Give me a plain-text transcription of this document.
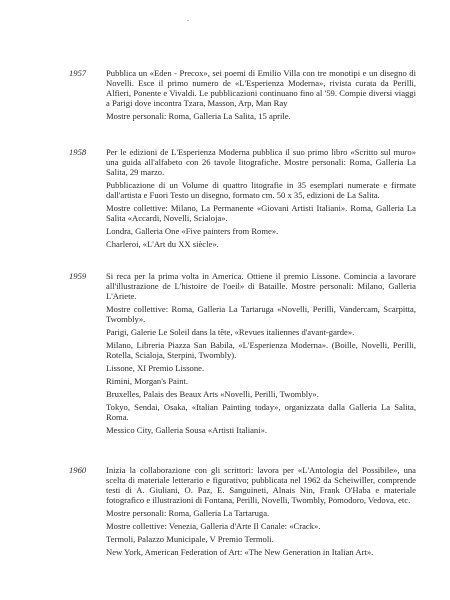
1957 Pubblica un «Eden - Precox», sei poemi di Emilio Villa con tre monotipi e un disegno di Novelli. Esce il primo numero de «L'Esperienza Moderna», rivista curata da Perilli, Alfieri, Ponente e Vivaldi. Le pubblicazioni continuano fino al '59. Compie diversi viaggi a Parigi dove incontra Tzara, Masson, Arp, Man Ray

Mostre personali: Roma, Galleria La Salita, 15 aprile.

1958 Per le edizioni de L'Esperienza Moderna pubblica il suo primo libro «Scritto sul muro» una guida all'alfabeto con 26 tavole litografiche. Mostre personali: Roma, Galleria La Salita, 29 marzo.

Pubblicazione di un Volume di quattro litografie in 35 esemplari numerate e firmate dall'artista e Fuori Testo un disegno, formato cm. 50 x 35, edizioni de La Salita.

Mostre collettive: Milano, La Permanente «Giovani Artisti Italiani». Roma, Galleria La Salita «Accardi, Novelli, Scialoja».

Londra, Galleria One «Five painters from Rome».

Charleroi, «L'Art du XX siècle».

1959 Si reca per la prima volta in America. Ottiene il premio Lissone. Comincia a lavorare all'illustrazione de L'histoire de l'oeil» di Bataille. Mostre personali: Milano, Galleria L'Ariete.

Mostre collettive: Roma, Galleria La Tartaruga «Novelli, Perilli, Vandercam, Scarpitta, Twombly».

Parigi, Galerie Le Soleil dans la tête, «Revues italiennes d'avant-garde».

Milano, Libreria Piazza San Babila, «L'Esperienza Moderna». (Boille, Novelli, Perilli, Rotella, Scialoja, Sterpini, Twombly).

Lissone, XI Premio Lissone.

Rimini, Morgan's Paint.

Bruxelles, Palais des Beaux Arts «Novelli, Perilli, Twombly».

Tokyo, Sendai, Osaka, «Italian Painting today», organizzata dalla Galleria La Salita, Roma.

Messico City, Galleria Sousa «Artisti Italiani».

1960 Inizia la collaborazione con gli scrittori: lavora per «L'Antologia del Possibile», una scelta di materiale letterario e figurativo; pubblicata nel 1962 da Scheiwiller, comprende testi di A. Giuliani, O. Paz, E. Sanguineti, Alnais Nin, Frank O'Haba e materiale fotografico e illustrazioni di Fontana, Perilli, Novelli, Twombly, Pomodoro, Vedova, etc.

Mostre personali: Roma, Galleria La Tartaruga.

Mostre collettive: Venezia, Galleria d'Arte Il Canale: «Crack».

Termoli, Palazzo Municipale, V Premio Termoli.

New York, American Federation of Art: «The New Generation in Italian Art».
